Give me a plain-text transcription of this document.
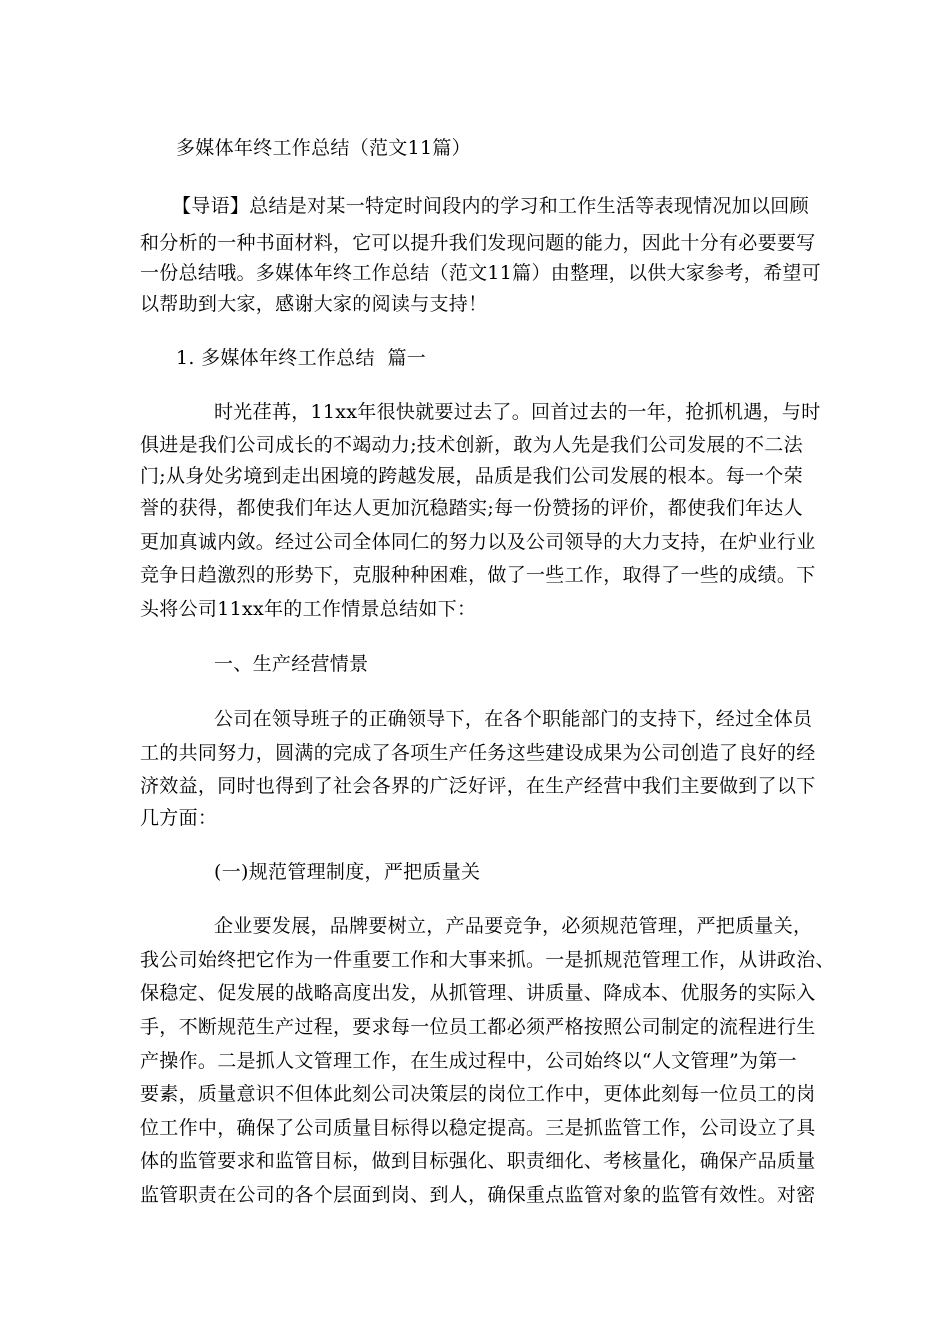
多媒体年终工作总结（范文11篇）
【导语】总结是对某一特定时间段内的学习和工作生活等表现情况加以回顾
和分析的一种书面材料，它可以提升我们发现问题的能力，因此十分有必要要写
一份总结哦。多媒体年终工作总结（范文11篇）由整理，以供大家参考，希望可
以帮助到大家，感谢大家的阅读与支持！
1. 多媒体年终工作总结  篇一
时光荏苒，11xx年很快就要过去了。回首过去的一年，抢抓机遇，与时
俱进是我们公司成长的不竭动力;技术创新，敢为人先是我们公司发展的不二法
门;从身处劣境到走出困境的跨越发展，品质是我们公司发展的根本。每一个荣
誉的获得，都使我们年达人更加沉稳踏实;每一份赞扬的评价，都使我们年达人
更加真诚内敛。经过公司全体同仁的努力以及公司领导的大力支持，在炉业行业
竞争日趋激烈的形势下，克服种种困难，做了一些工作，取得了一些的成绩。下
头将公司11xx年的工作情景总结如下：
一、生产经营情景
公司在领导班子的正确领导下，在各个职能部门的支持下，经过全体员
工的共同努力，圆满的完成了各项生产任务这些建设成果为公司创造了良好的经
济效益，同时也得到了社会各界的广泛好评，在生产经营中我们主要做到了以下
几方面：
(一)规范管理制度，严把质量关
企业要发展，品牌要树立，产品要竞争，必须规范管理，严把质量关，
我公司始终把它作为一件重要工作和大事来抓。一是抓规范管理工作，从讲政治、
保稳定、促发展的战略高度出发，从抓管理、讲质量、降成本、优服务的实际入
手，不断规范生产过程，要求每一位员工都必须严格按照公司制定的流程进行生
产操作。二是抓人文管理工作，在生成过程中，公司始终以“人文管理”为第一
要素，质量意识不但体此刻公司决策层的岗位工作中，更体此刻每一位员工的岗
位工作中，确保了公司质量目标得以稳定提高。三是抓监管工作，公司设立了具
体的监管要求和监管目标，做到目标强化、职责细化、考核量化，确保产品质量
监管职责在公司的各个层面到岗、到人，确保重点监管对象的监管有效性。对密
